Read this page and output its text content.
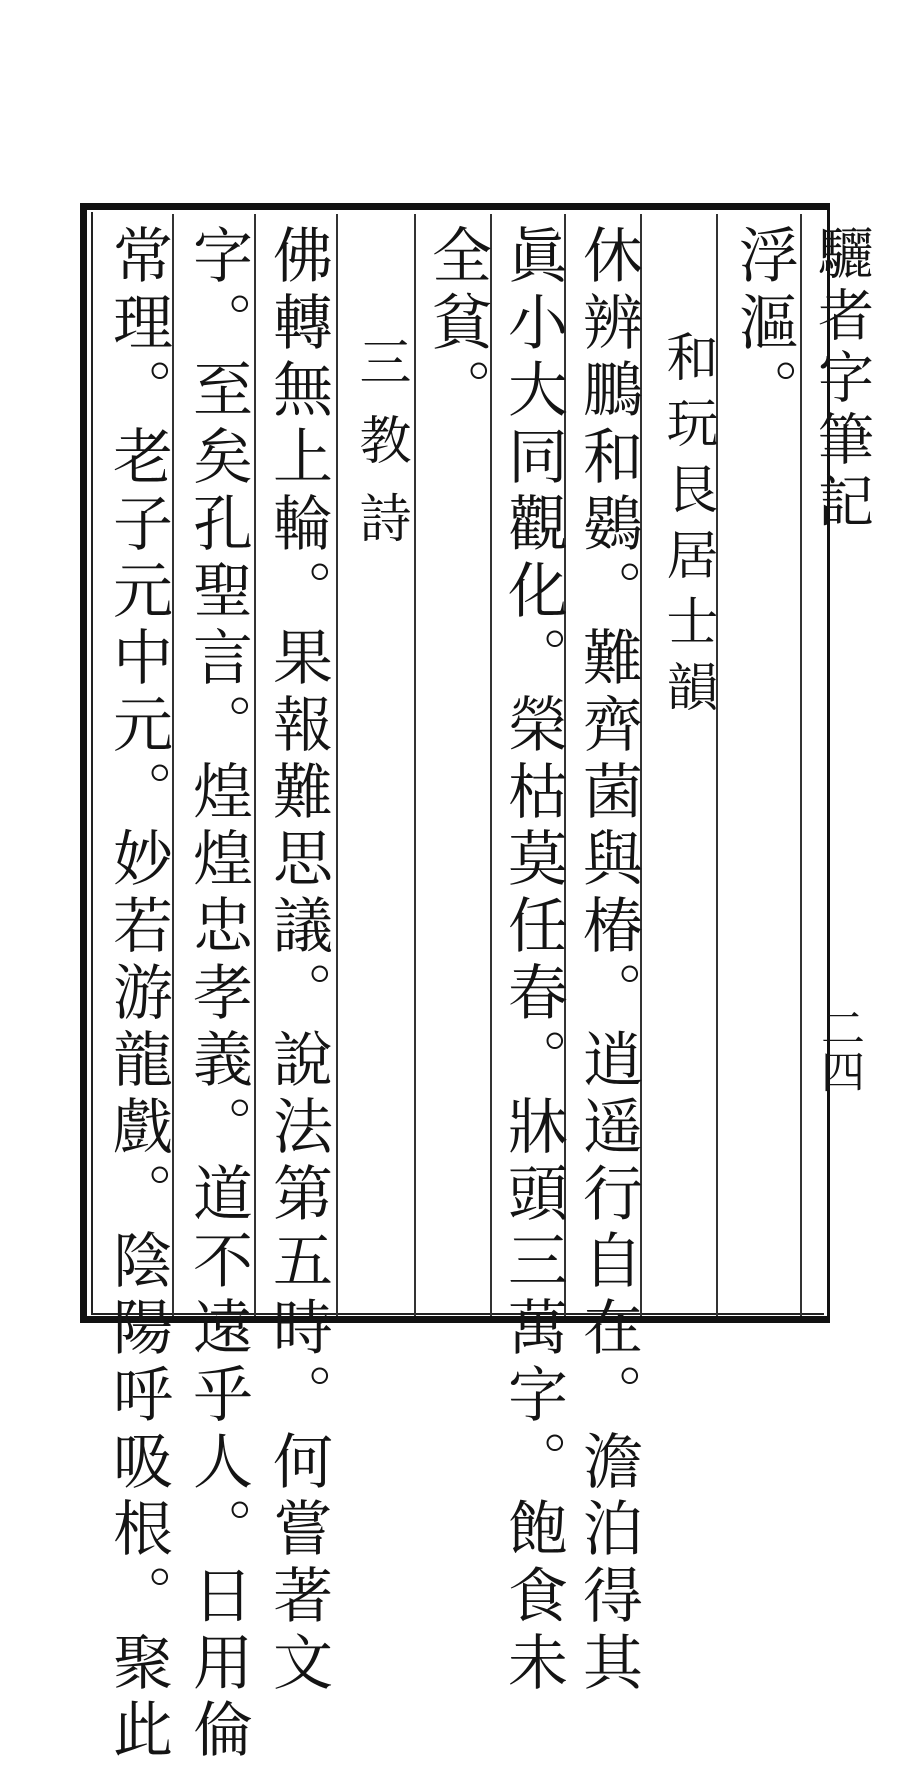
驪者字筆記
二四
浮漚。
和玩艮居士韻
休辨鵬和鷃。難齊菌與椿。逍遥行自在。澹泊得其
眞小大同觀化。榮枯莫任春。牀頭三萬字。飽食未
全貧。
三教詩
佛轉無上輪。果報難思議。說法第五時。何嘗著文
字。至矣孔聖言。煌煌忠孝義。道不遠乎人。日用倫
常理。老子元中元。妙若游龍戲。陰陽呼吸根。聚此
